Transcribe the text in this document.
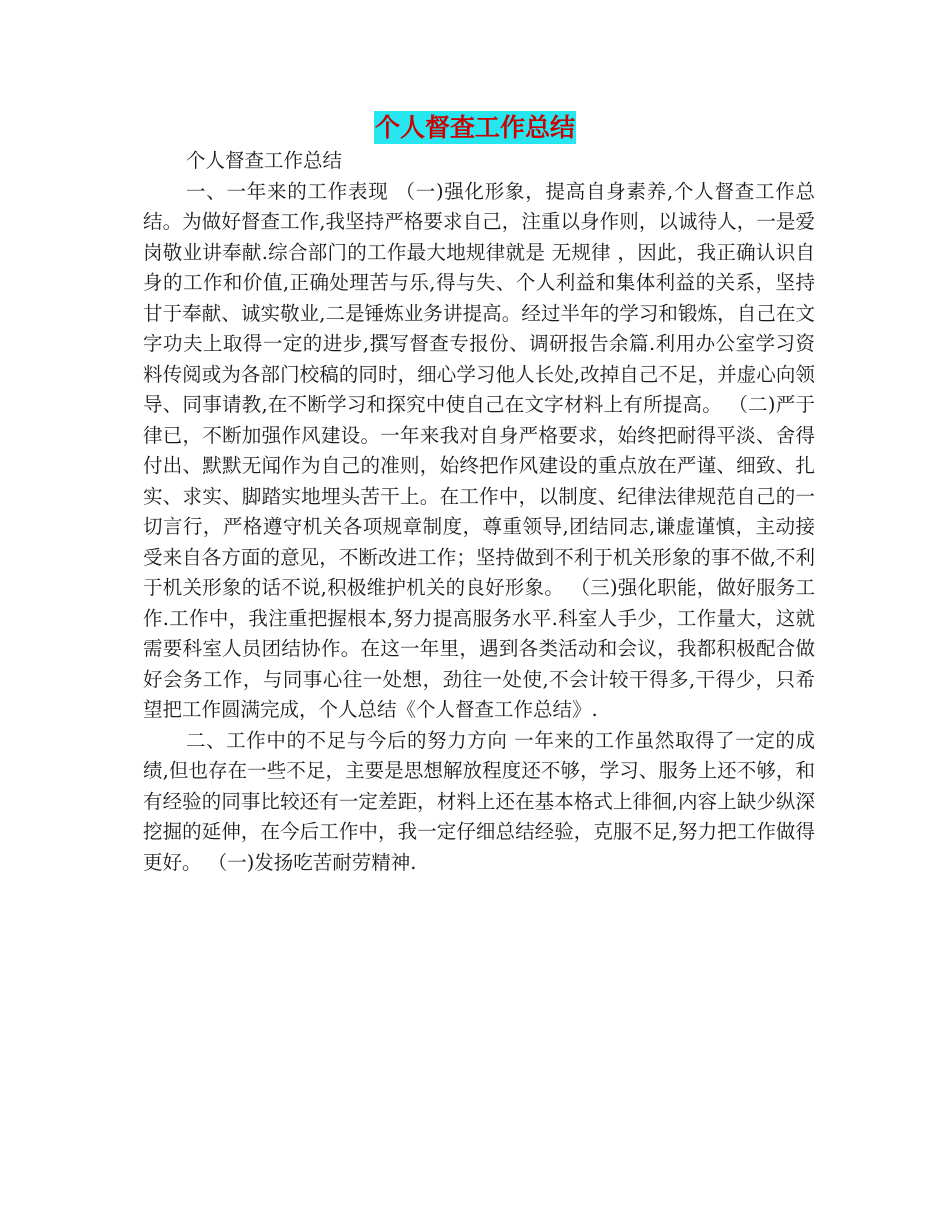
个人督查工作总结

个人督查工作总结

一、一年来的工作表现 （一)强化形象，提高自身素养,个人督查工作总结。为做好督查工作,我坚持严格要求自己，注重以身作则，以诚待人，一是爱岗敬业讲奉献.综合部门的工作最大地规律就是 无规律 ，因此，我正确认识自身的工作和价值,正确处理苦与乐,得与失、个人利益和集体利益的关系，坚持甘于奉献、诚实敬业,二是锤炼业务讲提高。经过半年的学习和锻炼，自己在文字功夫上取得一定的进步,撰写督查专报份、调研报告余篇.利用办公室学习资料传阅或为各部门校稿的同时，细心学习他人长处,改掉自己不足，并虚心向领导、同事请教,在不断学习和探究中使自己在文字材料上有所提高。 （二)严于律已，不断加强作风建设。一年来我对自身严格要求，始终把耐得平淡、舍得付出、默默无闻作为自己的准则，始终把作风建设的重点放在严谨、细致、扎实、求实、脚踏实地埋头苦干上。在工作中，以制度、纪律法律规范自己的一切言行，严格遵守机关各项规章制度，尊重领导,团结同志,谦虚谨慎，主动接受来自各方面的意见，不断改进工作；坚持做到不利于机关形象的事不做,不利于机关形象的话不说,积极维护机关的良好形象。 （三)强化职能，做好服务工作.工作中，我注重把握根本,努力提高服务水平.科室人手少，工作量大，这就需要科室人员团结协作。在这一年里，遇到各类活动和会议，我都积极配合做好会务工作，与同事心往一处想，劲往一处使,不会计较干得多,干得少，只希望把工作圆满完成，个人总结《个人督查工作总结》.

二、工作中的不足与今后的努力方向 一年来的工作虽然取得了一定的成绩,但也存在一些不足，主要是思想解放程度还不够，学习、服务上还不够，和有经验的同事比较还有一定差距，材料上还在基本格式上徘徊,内容上缺少纵深挖掘的延伸，在今后工作中，我一定仔细总结经验，克服不足,努力把工作做得更好。 （一)发扬吃苦耐劳精神.
